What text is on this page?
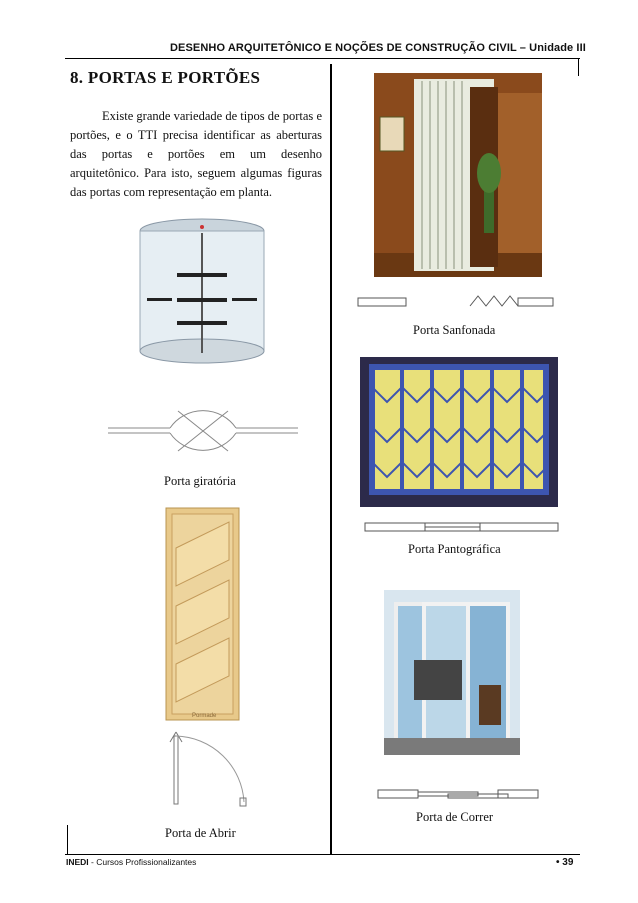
DESENHO ARQUITETÔNICO E NOÇÕES DE CONSTRUÇÃO CIVIL – Unidade III
8. PORTAS E PORTÕES
Existe grande variedade de tipos de portas e portões, e o TTI precisa identificar as aberturas das portas e portões em um desenho arquitetônico. Para isto, seguem algumas figuras das portas com representação em planta.
Porta giratória
Pormade
Porta de Abrir
Porta Sanfonada
Porta Pantográfica
Porta de Correr
INEDI - Cursos Profissionalizantes	• 39
